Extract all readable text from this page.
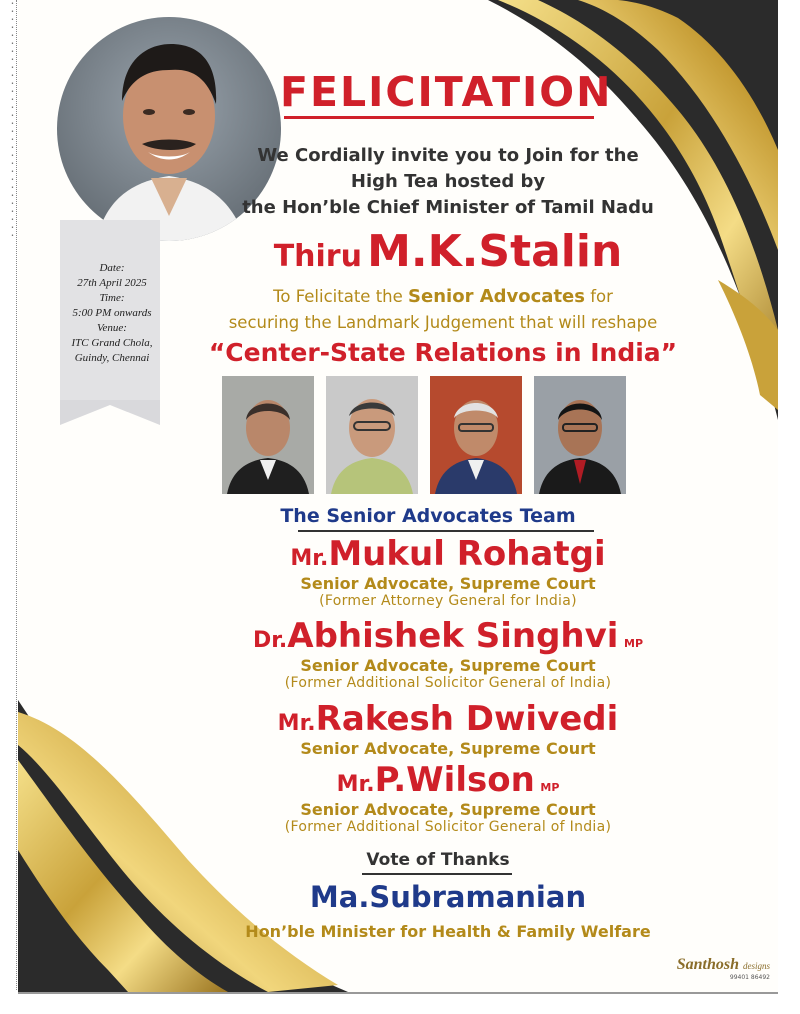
•
•
•
•
•
•
•
•
•
•
•
•
•
•
•
•
•
•
•
•
•
•
•
•
•
•
•
•
•
•
Date:
27th April 2025
Time:
5:00 PM onwards
Venue:
ITC Grand Chola,
Guindy, Chennai
FELICITATION
We Cordially invite you to Join for the
High Tea hosted by
the Hon’ble Chief Minister of Tamil Nadu
Thiru M.K.Stalin
To Felicitate the Senior Advocates for
securing the Landmark Judgement that will reshape
“Center-State Relations in India”
The Senior Advocates Team
Mr.Mukul Rohatgi
Senior Advocate, Supreme Court
(Former Attorney General for India)
Dr.Abhishek Singhvi MP
Senior Advocate, Supreme Court
(Former Additional Solicitor General of India)
Mr.Rakesh Dwivedi
Senior Advocate, Supreme Court
Mr.P.Wilson MP
Senior Advocate, Supreme Court
(Former Additional Solicitor General of India)
Vote of Thanks
Ma.Subramanian
Hon’ble Minister for Health & Family Welfare
Santhosh designs
99401 86492
